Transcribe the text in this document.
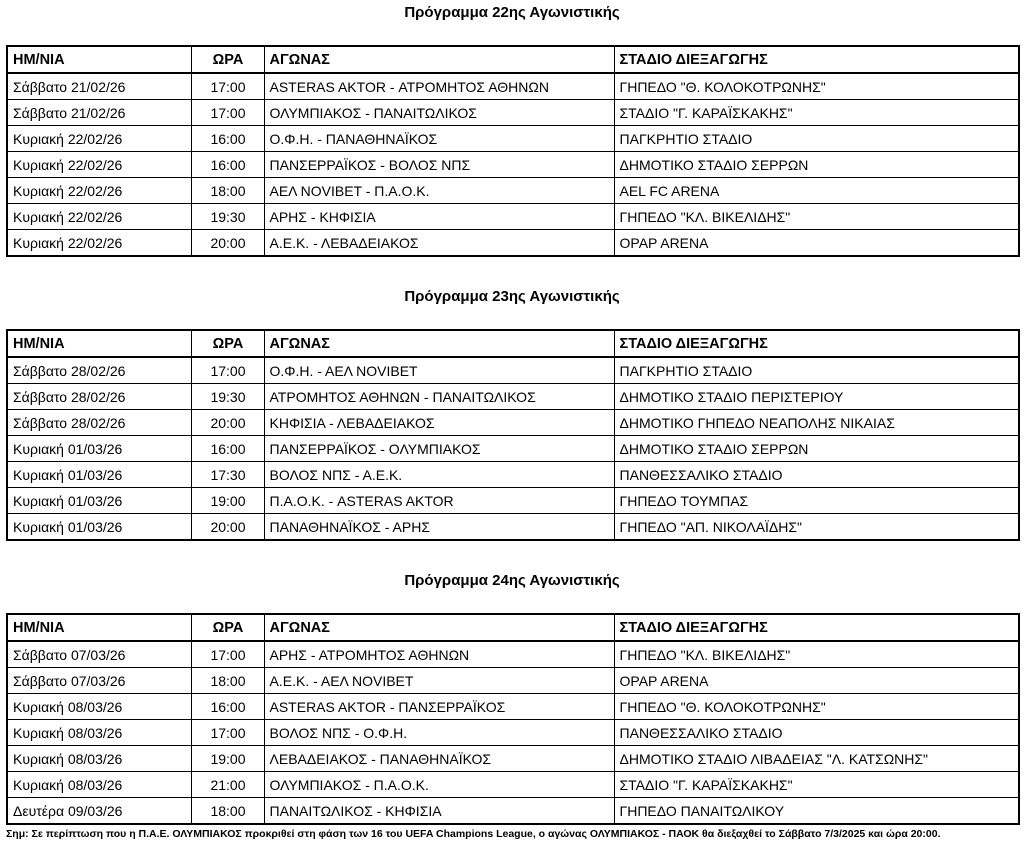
Πρόγραμμα 22ης Αγωνιστικής
ΗΜ/ΝΙΑ	ΩΡΑ	ΑΓΩΝΑΣ	ΣΤΑΔΙΟ ΔΙΕΞΑΓΩΓΗΣ
Σάββατο 21/02/26	17:00	ASTERAS AKTOR - ΑΤΡΟΜΗΤΟΣ ΑΘΗΝΩΝ	ΓΗΠΕΔΟ "Θ. ΚΟΛΟΚΟΤΡΩΝΗΣ"
Σάββατο 21/02/26	17:00	ΟΛΥΜΠΙΑΚΟΣ - ΠΑΝΑΙΤΩΛΙΚΟΣ	ΣΤΑΔΙΟ "Γ. ΚΑΡΑΪΣΚΑΚΗΣ"
Κυριακή 22/02/26	16:00	Ο.Φ.Η. - ΠΑΝΑΘΗΝΑΪΚΟΣ	ΠΑΓΚΡΗΤΙΟ ΣΤΑΔΙΟ
Κυριακή 22/02/26	16:00	ΠΑΝΣΕΡΡΑΪΚΟΣ - ΒΟΛΟΣ ΝΠΣ	ΔΗΜΟΤΙΚΟ ΣΤΑΔΙΟ ΣΕΡΡΩΝ
Κυριακή 22/02/26	18:00	ΑΕΛ NOVIBET - Π.Α.Ο.Κ.	AEL FC ARENA
Κυριακή 22/02/26	19:30	ΑΡΗΣ - ΚΗΦΙΣΙΑ	ΓΗΠΕΔΟ "ΚΛ. ΒΙΚΕΛΙΔΗΣ"
Κυριακή 22/02/26	20:00	Α.Ε.Κ. - ΛΕΒΑΔΕΙΑΚΟΣ	OPAP ARENA
Πρόγραμμα 23ης Αγωνιστικής
ΗΜ/ΝΙΑ	ΩΡΑ	ΑΓΩΝΑΣ	ΣΤΑΔΙΟ ΔΙΕΞΑΓΩΓΗΣ
Σάββατο 28/02/26	17:00	Ο.Φ.Η. - ΑΕΛ NOVIBET	ΠΑΓΚΡΗΤΙΟ ΣΤΑΔΙΟ
Σάββατο 28/02/26	19:30	ΑΤΡΟΜΗΤΟΣ ΑΘΗΝΩΝ - ΠΑΝΑΙΤΩΛΙΚΟΣ	ΔΗΜΟΤΙΚΟ ΣΤΑΔΙΟ ΠΕΡΙΣΤΕΡΙΟΥ
Σάββατο 28/02/26	20:00	ΚΗΦΙΣΙΑ - ΛΕΒΑΔΕΙΑΚΟΣ	ΔΗΜΟΤΙΚΟ ΓΗΠΕΔΟ ΝΕΑΠΟΛΗΣ ΝΙΚΑΙΑΣ
Κυριακή 01/03/26	16:00	ΠΑΝΣΕΡΡΑΪΚΟΣ - ΟΛΥΜΠΙΑΚΟΣ	ΔΗΜΟΤΙΚΟ ΣΤΑΔΙΟ ΣΕΡΡΩΝ
Κυριακή 01/03/26	17:30	ΒΟΛΟΣ ΝΠΣ - Α.Ε.Κ.	ΠΑΝΘΕΣΣΑΛΙΚΟ ΣΤΑΔΙΟ
Κυριακή 01/03/26	19:00	Π.Α.Ο.Κ. - ASTERAS AKTOR	ΓΗΠΕΔΟ ΤΟΥΜΠΑΣ
Κυριακή 01/03/26	20:00	ΠΑΝΑΘΗΝΑΪΚΟΣ - ΑΡΗΣ	ΓΗΠΕΔΟ "ΑΠ. ΝΙΚΟΛΑΪΔΗΣ"
Πρόγραμμα 24ης Αγωνιστικής
ΗΜ/ΝΙΑ	ΩΡΑ	ΑΓΩΝΑΣ	ΣΤΑΔΙΟ ΔΙΕΞΑΓΩΓΗΣ
Σάββατο 07/03/26	17:00	ΑΡΗΣ - ΑΤΡΟΜΗΤΟΣ ΑΘΗΝΩΝ	ΓΗΠΕΔΟ "ΚΛ. ΒΙΚΕΛΙΔΗΣ"
Σάββατο 07/03/26	18:00	Α.Ε.Κ. - ΑΕΛ NOVIBET	OPAP ARENA
Κυριακή 08/03/26	16:00	ASTERAS AKTOR - ΠΑΝΣΕΡΡΑΪΚΟΣ	ΓΗΠΕΔΟ "Θ. ΚΟΛΟΚΟΤΡΩΝΗΣ"
Κυριακή 08/03/26	17:00	ΒΟΛΟΣ ΝΠΣ - Ο.Φ.Η.	ΠΑΝΘΕΣΣΑΛΙΚΟ ΣΤΑΔΙΟ
Κυριακή 08/03/26	19:00	ΛΕΒΑΔΕΙΑΚΟΣ - ΠΑΝΑΘΗΝΑΪΚΟΣ	ΔΗΜΟΤΙΚΟ ΣΤΑΔΙΟ ΛΙΒΑΔΕΙΑΣ "Λ. ΚΑΤΣΩΝΗΣ"
Κυριακή 08/03/26	21:00	ΟΛΥΜΠΙΑΚΟΣ - Π.Α.Ο.Κ.	ΣΤΑΔΙΟ "Γ. ΚΑΡΑΪΣΚΑΚΗΣ"
Δευτέρα 09/03/26	18:00	ΠΑΝΑΙΤΩΛΙΚΟΣ - ΚΗΦΙΣΙΑ	ΓΗΠΕΔΟ ΠΑΝΑΙΤΩΛΙΚΟΥ
Σημ: Σε περίπτωση που η Π.Α.Ε. ΟΛΥΜΠΙΑΚΟΣ προκριθεί στη φάση των 16 του UEFA Champions League, ο αγώνας ΟΛΥΜΠΙΑΚΟΣ - ΠΑΟΚ θα διεξαχθεί το Σάββατο 7/3/2025 και ώρα 20:00.
